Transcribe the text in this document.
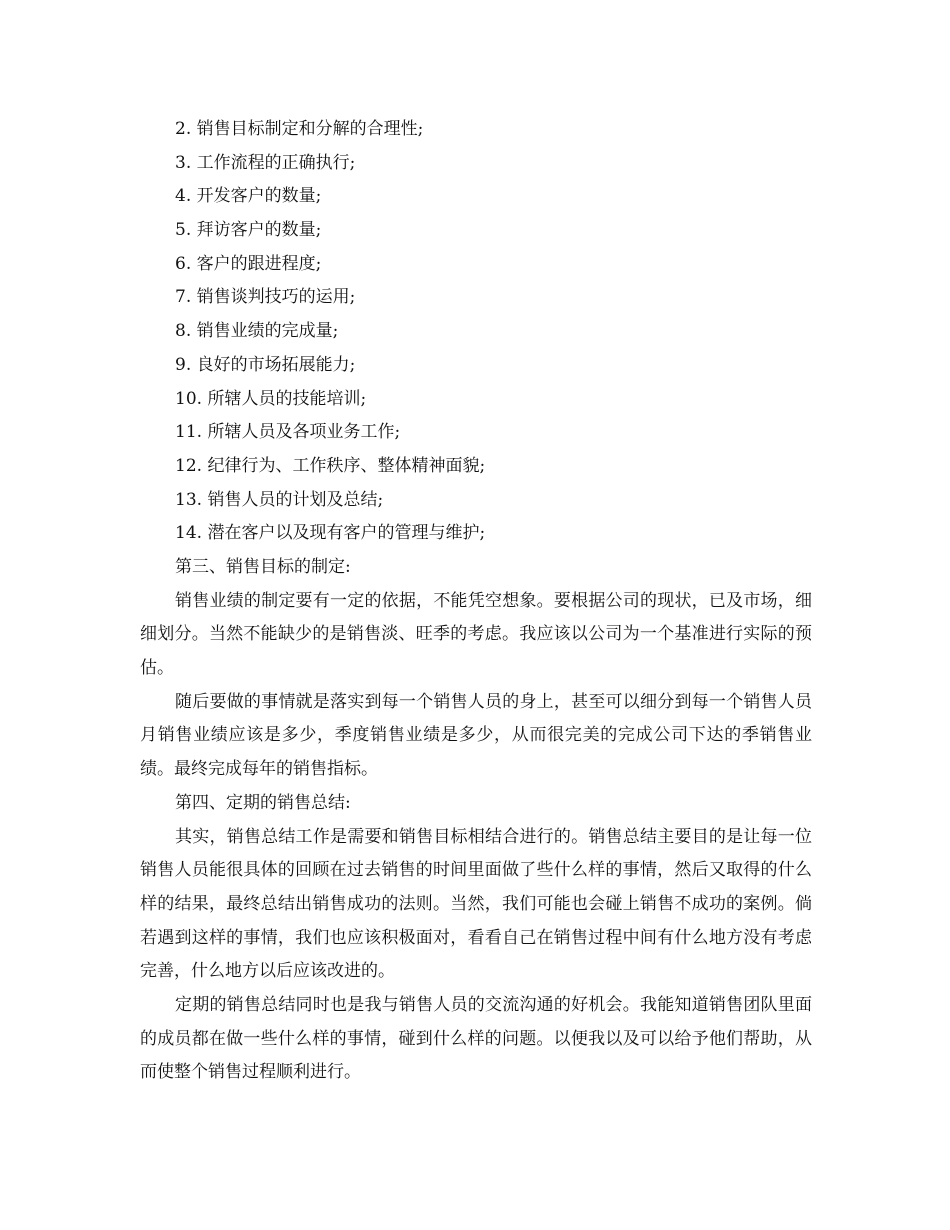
2. 销售目标制定和分解的合理性;
3. 工作流程的正确执行;
4. 开发客户的数量;
5. 拜访客户的数量;
6. 客户的跟进程度;
7. 销售谈判技巧的运用;
8. 销售业绩的完成量;
9. 良好的市场拓展能力;
10. 所辖人员的技能培训;
11. 所辖人员及各项业务工作;
12. 纪律行为、工作秩序、整体精神面貌;
13. 销售人员的计划及总结;
14. 潜在客户以及现有客户的管理与维护;
第三、销售目标的制定:

销售业绩的制定要有一定的依据，不能凭空想象。要根据公司的现状，已及市场，细细划分。当然不能缺少的是销售淡、旺季的考虑。我应该以公司为一个基准进行实际的预估。

随后要做的事情就是落实到每一个销售人员的身上，甚至可以细分到每一个销售人员月销售业绩应该是多少，季度销售业绩是多少，从而很完美的完成公司下达的季销售业绩。最终完成每年的销售指标。

第四、定期的销售总结:

其实，销售总结工作是需要和销售目标相结合进行的。销售总结主要目的是让每一位销售人员能很具体的回顾在过去销售的时间里面做了些什么样的事情，然后又取得的什么样的结果，最终总结出销售成功的法则。当然，我们可能也会碰上销售不成功的案例。倘若遇到这样的事情，我们也应该积极面对，看看自己在销售过程中间有什么地方没有考虑完善，什么地方以后应该改进的。

定期的销售总结同时也是我与销售人员的交流沟通的好机会。我能知道销售团队里面的成员都在做一些什么样的事情，碰到什么样的问题。以便我以及可以给予他们帮助，从而使整个销售过程顺利进行。
